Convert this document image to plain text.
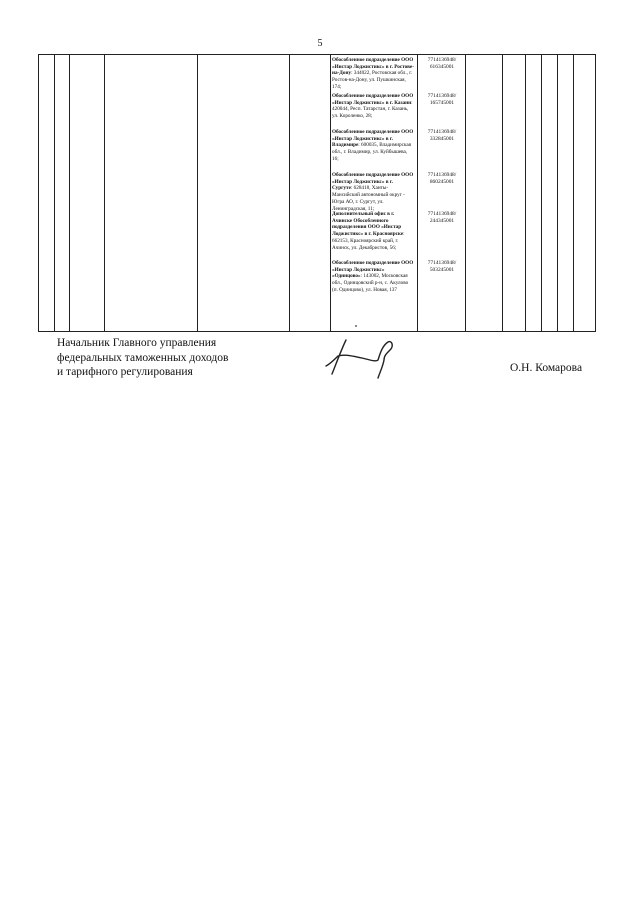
5

Обособленное подразделение ООО «Инстар Лоджистикс» в г. Ростове-на-Дону: 344022, Ростовская обл., г. Ростов-на-Дону, ул. Пушкинская, 174;

Обособленное подразделение ООО «Инстар Лоджистикс» в г. Казани: 420044, Респ. Татарстан, г. Казань, ул. Короленко, 28;

Обособленное подразделение ООО «Инстар Лоджистикс» в г. Владимире: 600035, Владимирская обл., г. Владимир, ул. Куйбышева, 16;

Обособленное подразделение ООО «Инстар Лоджистикс» в г. Сургуте: 628418, Ханты-Мансийский автономный округ - Югра АО, г. Сургут, ул. Ленинградская, 11;

Дополнительный офис в г. Ачинске Обособленного подразделения ООО «Инстар Лоджистикс» в г. Красноярске: 662153, Красноярский край, г. Ачинск, ул. Декабристов, 56;

Обособленное подразделение ООО «Инстар Лоджистикс» «Одинцово»: 143002, Московская обл., Одинцовский р-н, с. Акулово (п. Одинцово), ул. Новая, 137

7714136948/ 616345001
7714136948/ 165745001
7714136948/ 332845001
7714136948/ 860245001
7714136948/ 244345001
7714136948/ 503245001
Начальник Главного управления
федеральных таможенных доходов
и тарифного регулирования	О.Н. Комарова
